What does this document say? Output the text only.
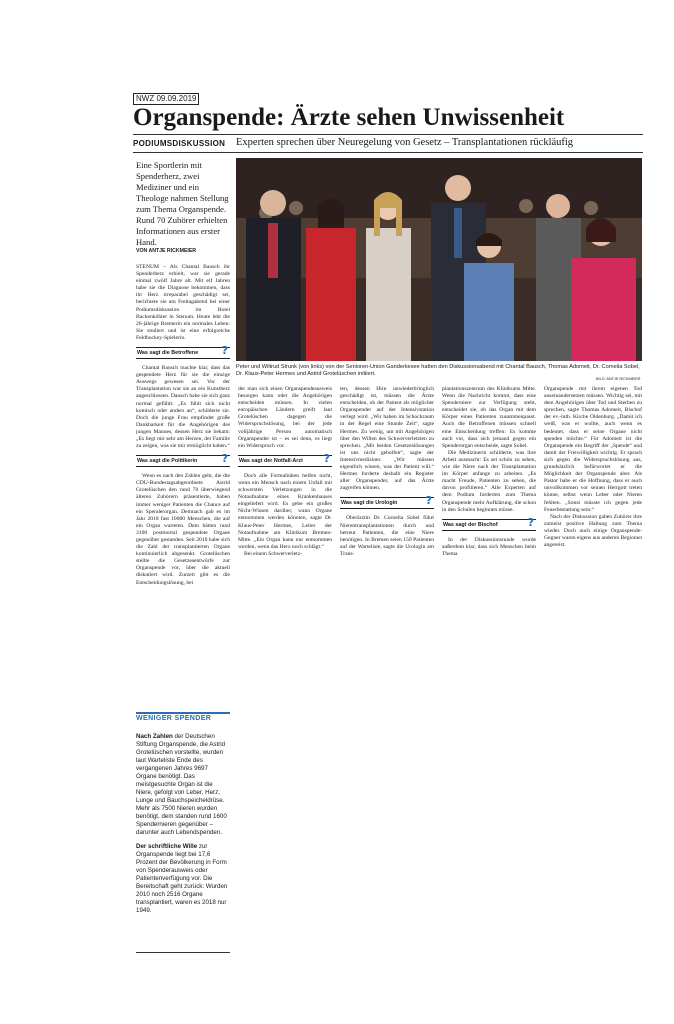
NWZ 09.09.2019
Organspende: Ärzte sehen Unwissenheit
PODIUMSDISKUSSION Experten sprechen über Neuregelung von Gesetz – Transplantationen rückläufig
Eine Sportlerin mit Spenderherz, zwei Mediziner und ein Theologe nahmen Stellung zum Thema Organspende. Rund 70 Zuhörer erhielten Informationen aus erster Hand.
VON ANTJE RICKMEIER
Peter und Wiltrud Strunk (von links) von der Senioren-Union Ganderkesee hatten den Diskussionsabend mit Chantal Bausch, Thomas Adomeit, Dr. Cornelia Sobel, Dr. Klaus-Peter Hermes und Astrid Grotelüschen initiiert.
BILD: ANTJE RICKMEIER

STENUM – Als Chantal Bausch ihr Spenderherz erhielt, war sie gerade einmal zwölf Jahre alt. Mit elf Jahren habe sie die Diagnose bekommen, dass ihr Herz irreparabel geschädigt sei, berichtete sie am Freitagabend bei einer Podiumsdiskussion im Hotel Backenköhler in Stenum. Heute lebt die 26-jährige Bremerin ein normales Leben: Sie studiert und ist eine erfolgreiche Feldhockey-Spielerin.

Was sagt die Betroffene ?

Chantal Bausch machte klar, dass das gespendete Herz für sie die einzige Auswegs gewesen sei. Vor der Transplantation war sie an ein Kunstherz angeschlossen. Danach habe sie sich ganz normal gefühlt: „Es fühlt sich nicht komisch oder anders an“, schilderte sie. Doch die junge Frau empfindet große Dankbarkeit für die Angehörigen des jungen Mannes, dessen Herz sie bekam: „Es liegt mir sehr am Herzen, der Familie zu zeigen, was sie mir ermöglicht haben.“

Was sagt die Politikerin ?

Wenn es nach den Zahlen geht, die die CDU-Bundestagsabgeordnete Astrid Grotelüschen den rund 70 überwiegend älteren Zuhörern präsentierte, haben immer weniger Patienten die Chance auf ein Spenderorgan. Demnach gab es im Jahr 2018 fast 10000 Menschen, die auf ein Organ warteten. Dem hätten rund 3100 postmortal gespendete Organe gegenüber gestanden. Seit 2010 habe sich die Zahl der transplantierten Organe kontinuierlich abgesenkt. Grotelüschen stellte die Gesetzesentwürfe zur Organspende vor, über die aktuell diskutiert wird. Zurzeit gibt es die Entscheidungslösung, bei

der man sich einen Organspendeausweis besorgen kann oder die Angehörigen entscheiden müssen. In vielen europäischen Ländern greift laut Grotelüschen dagegen die Widerspruchslösung, bei der jede volljährige Person automatisch Organspender ist – es sei denn, es liegt ein Widerspruch vor.

Was sagt der Notfall-Arzt ?

Doch alle Formalitäten helfen nicht, wenn ein Mensch nach einem Unfall mit schwersten Verletzungen in die Notaufnahme eines Krankenhauses eingeliefert wird. Es gebe ein großes Nicht-Wissen darüber, wann Organe entnommen werden könnten, sagte Dr. Klaus-Peter Hermes, Leiter der Notaufnahme am Klinikum Bremen-Mitte. „Ein Organ kann nur entnommen werden, wenn das Herz noch schlägt.“

Bei einem Schwerverletz-

ten, dessen Hirn unwiederbringlich geschädigt ist, müssen die Ärzte entscheiden, ob der Patient als möglicher Organspender auf der Intensivstation verlegt wird. „Wir haben im Schockraum in der Regel eine Stunde Zeit“, sagte Hermes. Zu wenig, um mit Angehörigen über den Willen des Schwerverletzten zu sprechen. „Mit beiden Gesetzeslösungen ist uns nicht geholfen“, sagte der Intensivmediziner. „Wir müssen eigentlich wissen, was der Patient will.“ Hermes forderte deshalb ein Register aller Organspender, auf das Ärzte zugreifen können.

Was sagt die Urologin	?

Oberärztin Dr. Cornelia Sobel führt Nierentransplantationen durch und betreut Patienten, die eine Niere benötigen. In Bremen seien 150 Patienten auf der Warteliste, sagte die Urologin am Trans-

plantationszentrum des Klinikums Mitte. Wenn die Nachricht kommt, dass eine Spenderniere zur Verfügung steht, entscheidet sie, ob das Organ mit dem Körper eines Patienten zusammenpasst. Auch die Betroffenen müssen schnell eine Entscheidung treffen: Es komme auch vor, dass sich jemand gegen ein Spenderorgan entscheide, sagte Sobel.

Die Medizinerin schilderte, was ihre Arbeit ausmacht: Es sei schön zu sehen, wie die Niere nach der Transplantation im Körper anfange zu arbeiten. „Es macht Freude, Patienten zu sehen, die davon profitieren.“ Alle Experten auf dem Podium forderten zum Thema Organspende mehr Aufklärung, die schon in den Schulen beginnen müsse.

Was sagt der Bischof	?

In der Diskussionsrunde wurde außerdem klar, dass sich Menschen beim Thema

Organspende mit ihrem eigenen Tod auseinandersetzen müssen. Wichtig sei, mit dem Angehörigen über Tod und Sterben zu sprechen, sagte Thomas Adomeit, Bischof der ev.-luth. Kirche Oldenburg. „Damit ich weiß, was er wollte, auch wenn es bedeutet, dass er seine Organe nicht spenden möchte.“ Für Adomeit ist die Organspende ein Begriff der „Spende“ und damit der Freiwilligkeit wichtig. Er sprach sich gegen die Widerspruchslösung aus, grundsätzlich befürwortet er die Möglichkeit der Organspende aber. Als Pastor habe er die Hoffnung, dass er auch unvollkommen vor seinen Herrgott treten könne, selbst wenn Leber oder Nieren fehlten. „Sonst müsste ich gegen jede Feuerbestattung sein.“

Nach der Diskussion gaben Zuhörer ihre zumeist positive Haltung zum Thema wieder. Doch auch einige Organspende-Gegner waren eigens aus anderen Regionen angereist.

WENIGER SPENDER

Nach Zahlen der Deutschen Stiftung Organspende, die Astrid Grotelüschen vorstellte, wurden laut Warteliste Ende des vergangenen Jahres 9697 Organe benötigt. Das meistgesuchte Organ ist die Niere, gefolgt von Leber, Herz, Lunge und Bauchspeicheldrüse. Mehr als 7500 Nieren wurden benötigt, dem standen rund 1600 Spendernieren gegenüber – darunter auch Lebendspenden.

Der schriftliche Wille zur Organspende liegt bei 17,6 Prozent der Bevölkerung in Form von Spenderausweis oder Patientenverfügung vor. Die Bereitschaft geht zurück: Wurden 2010 noch 2516 Organe transplantiert, waren es 2018 nur 1949.
